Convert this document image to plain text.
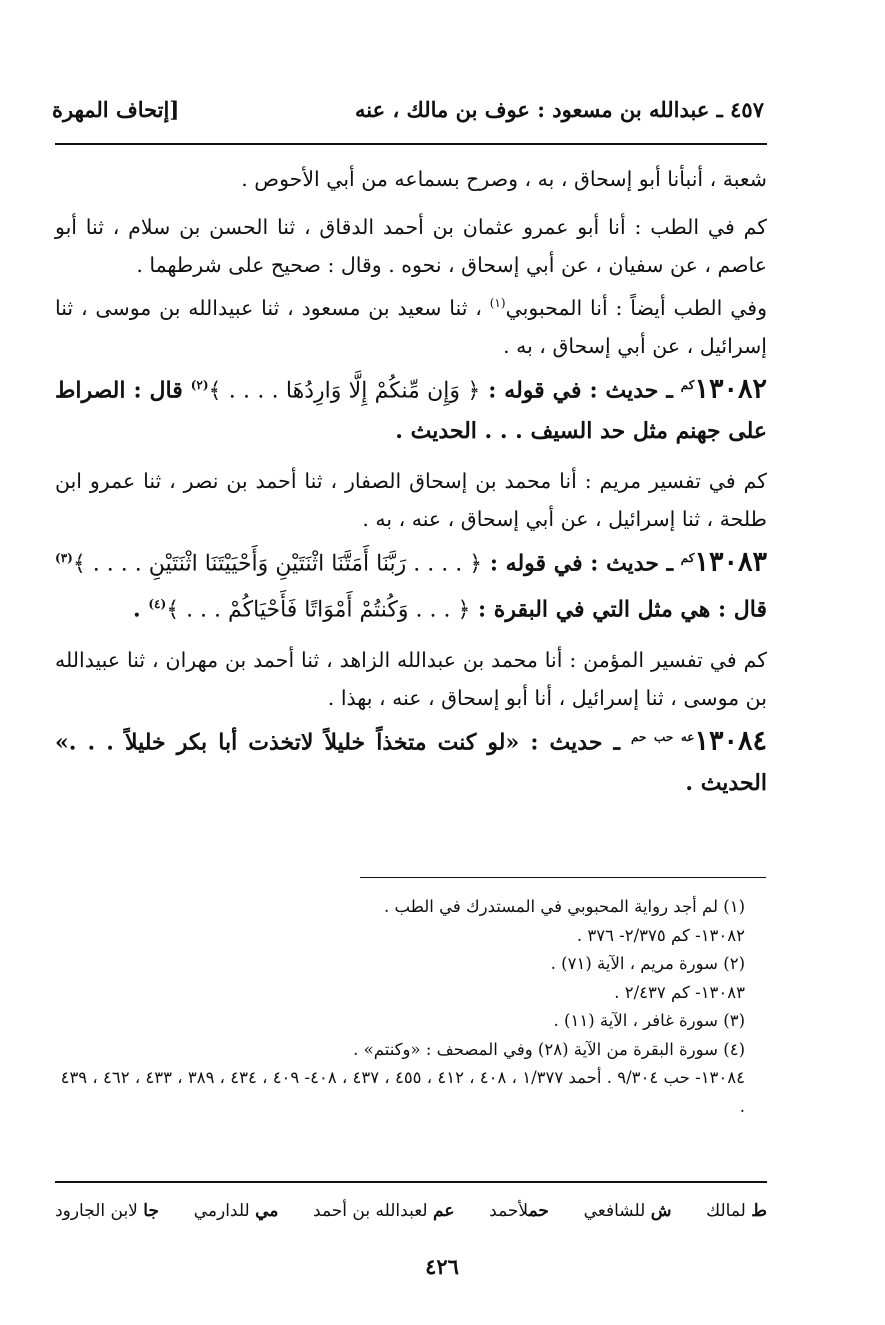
٤٥٧ ـ عبدالله بن مسعود : عوف بن مالك ، عنه
[إتحاف المهرة

شعبة ، أنبأنا أبو إسحاق ، به ، وصرح بسماعه من أبي الأحوص .

كم في الطب : أنا أبو عمرو عثمان بن أحمد الدقاق ، ثنا الحسن بن سلام ، ثنا أبو عاصم ، عن سفيان ، عن أبي إسحاق ، نحوه . وقال : صحيح على شرطهما .

وفي الطب أيضاً : أنا المحبوبي$^{(١)}$ ، ثنا سعيد بن مسعود ، ثنا عبيدالله بن موسى ، ثنا إسرائيل ، عن أبي إسحاق ، به .

$١٣٠٨٢^{كم}$ ـ حديث : في قوله : ﴿ وَإِن مِّنكُمْ إِلَّا وَارِدُهَا . . . . ﴾$^{(٢)}$ قال : الصراط على جهنم مثل حد السيف . . . الحديث .

كم في تفسير مريم : أنا محمد بن إسحاق الصفار ، ثنا أحمد بن نصر ، ثنا عمرو ابن طلحة ، ثنا إسرائيل ، عن أبي إسحاق ، عنه ، به .

$١٣٠٨٣^{كم}$ ـ حديث : في قوله : ﴿ . . . . رَبَّنَا أَمَتَّنَا اثْنَتَيْنِ وَأَحْيَيْتَنَا اثْنَتَيْنِ . . . . ﴾$^{(٣)}$ قال : هي مثل التي في البقرة : ﴿ . . . وَكُنتُمْ أَمْوَاتًا فَأَحْيَاكُمْ . . . ﴾$^{(٤)}$ .

كم في تفسير المؤمن : أنا محمد بن عبدالله الزاهد ، ثنا أحمد بن مهران ، ثنا عبيدالله بن موسى ، ثنا إسرائيل ، أنا أبو إسحاق ، عنه ، بهذا .

$١٣٠٨٤^{عه حب حم}$ ـ حديث : «لو كنت متخذاً خليلاً لاتخذت أبا بكر خليلاً . . .» الحديث .

(١) لم أجد رواية المحبوبي في المستدرك في الطب .

١٣٠٨٢- كم ٢/٣٧٥- ٣٧٦ .

(٢) سورة مريم ، الآية (٧١) .

١٣٠٨٣- كم ٢/٤٣٧ .

(٣) سورة غافر ، الآية (١١) .

(٤) سورة البقرة من الآية (٢٨) وفي المصحف : «وكنتم» .

١٣٠٨٤- حب ٩/٣٠٤ . أحمد ١/٣٧٧ ، ٤٠٨ ، ٤١٢ ، ٤٥٥ ، ٤٣٧ ، ٤٠٨- ٤٠٩ ، ٤٣٤ ، ٣٨٩ ، ٤٣٣ ، ٤٦٢ ، ٤٣٩ .

ط لمالك
ش للشافعي
حملأحمد
عم لعبدالله بن أحمد
مي للدارمي
جا لابن الجارود
٤٢٦
